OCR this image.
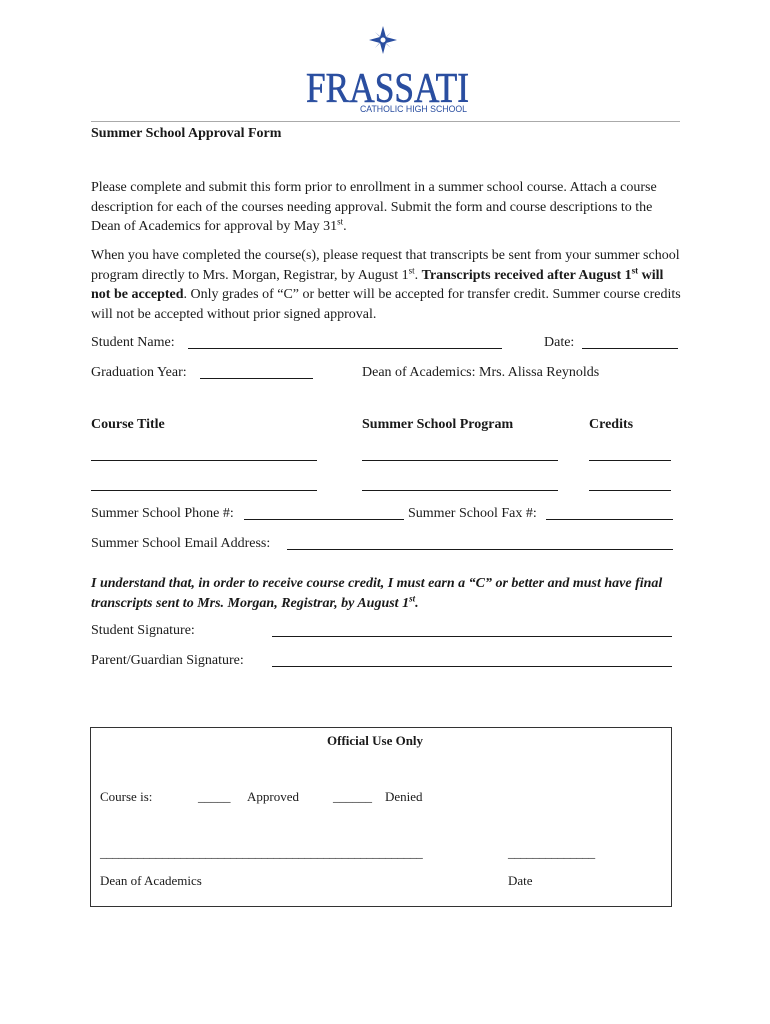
FRASSATI
CATHOLIC HIGH SCHOOL
Summer School Approval Form
Please complete and submit this form prior to enrollment in a summer school course. Attach a course description for each of the courses needing approval. Submit the form and course descriptions to the Dean of Academics for approval by May 31st.
When you have completed the course(s), please request that transcripts be sent from your summer school program directly to Mrs. Morgan, Registrar, by August 1st. Transcripts received after August 1st will not be accepted. Only grades of “C” or better will be accepted for transfer credit. Summer course credits will not be accepted without prior signed approval.
Student Name:	Date:
Graduation Year:	Dean of Academics: Mrs. Alissa Reynolds
Course Title	Summer School Program	Credits
Summer School Phone #:	Summer School Fax #:
Summer School Email Address:
I understand that, in order to receive course credit, I must earn a “C” or better and must have final transcripts sent to Mrs. Morgan, Registrar, by August 1st.
Student Signature:
Parent/Guardian Signature:
Official Use Only
Course is:	_____ Approved	______ Denied
____________________________________________________	______________
Dean of Academics	Date
